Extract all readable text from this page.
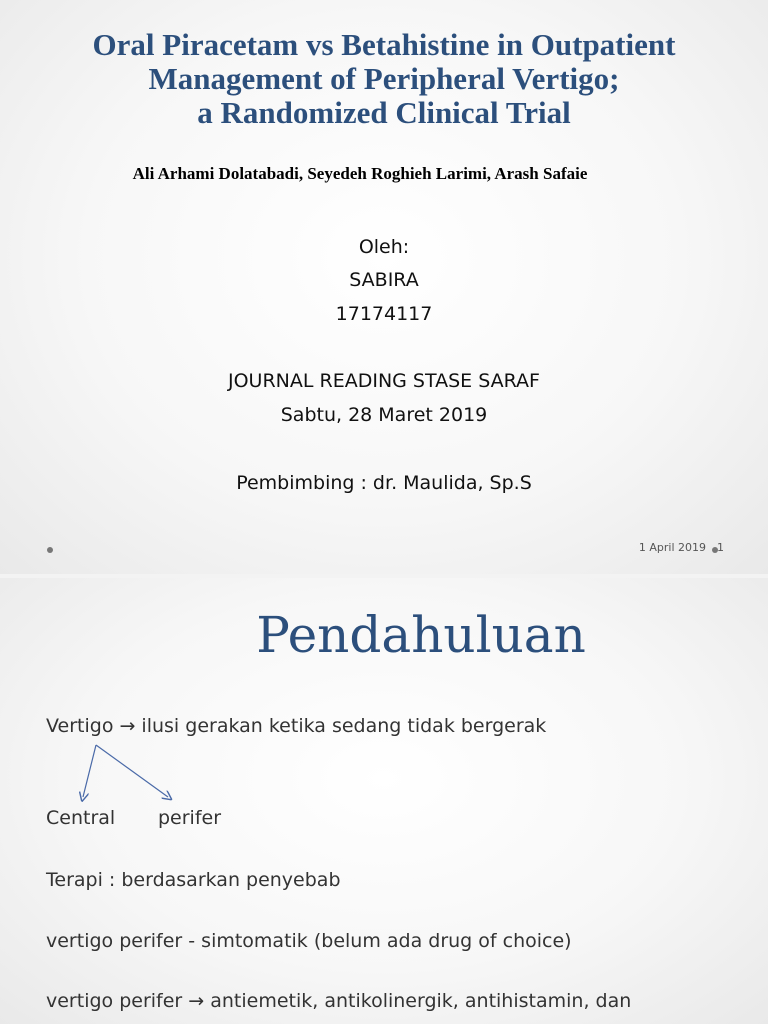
Oral Piracetam vs Betahistine in Outpatient
Management of Peripheral Vertigo;
a Randomized Clinical Trial
Ali Arhami Dolatabadi, Seyedeh Roghieh Larimi, Arash Safaie
Oleh:
SABIRA
17174117
JOURNAL READING STASE SARAF
Sabtu, 28 Maret 2019
Pembimbing : dr. Maulida, Sp.S
1 April 2019 1
Pendahuluan
Vertigo → ilusi gerakan ketika sedang tidak bergerak
Central perifer
Terapi : berdasarkan penyebab
vertigo perifer - simtomatik (belum ada drug of choice)
vertigo perifer → antiemetik, antikolinergik, antihistamin, dan
